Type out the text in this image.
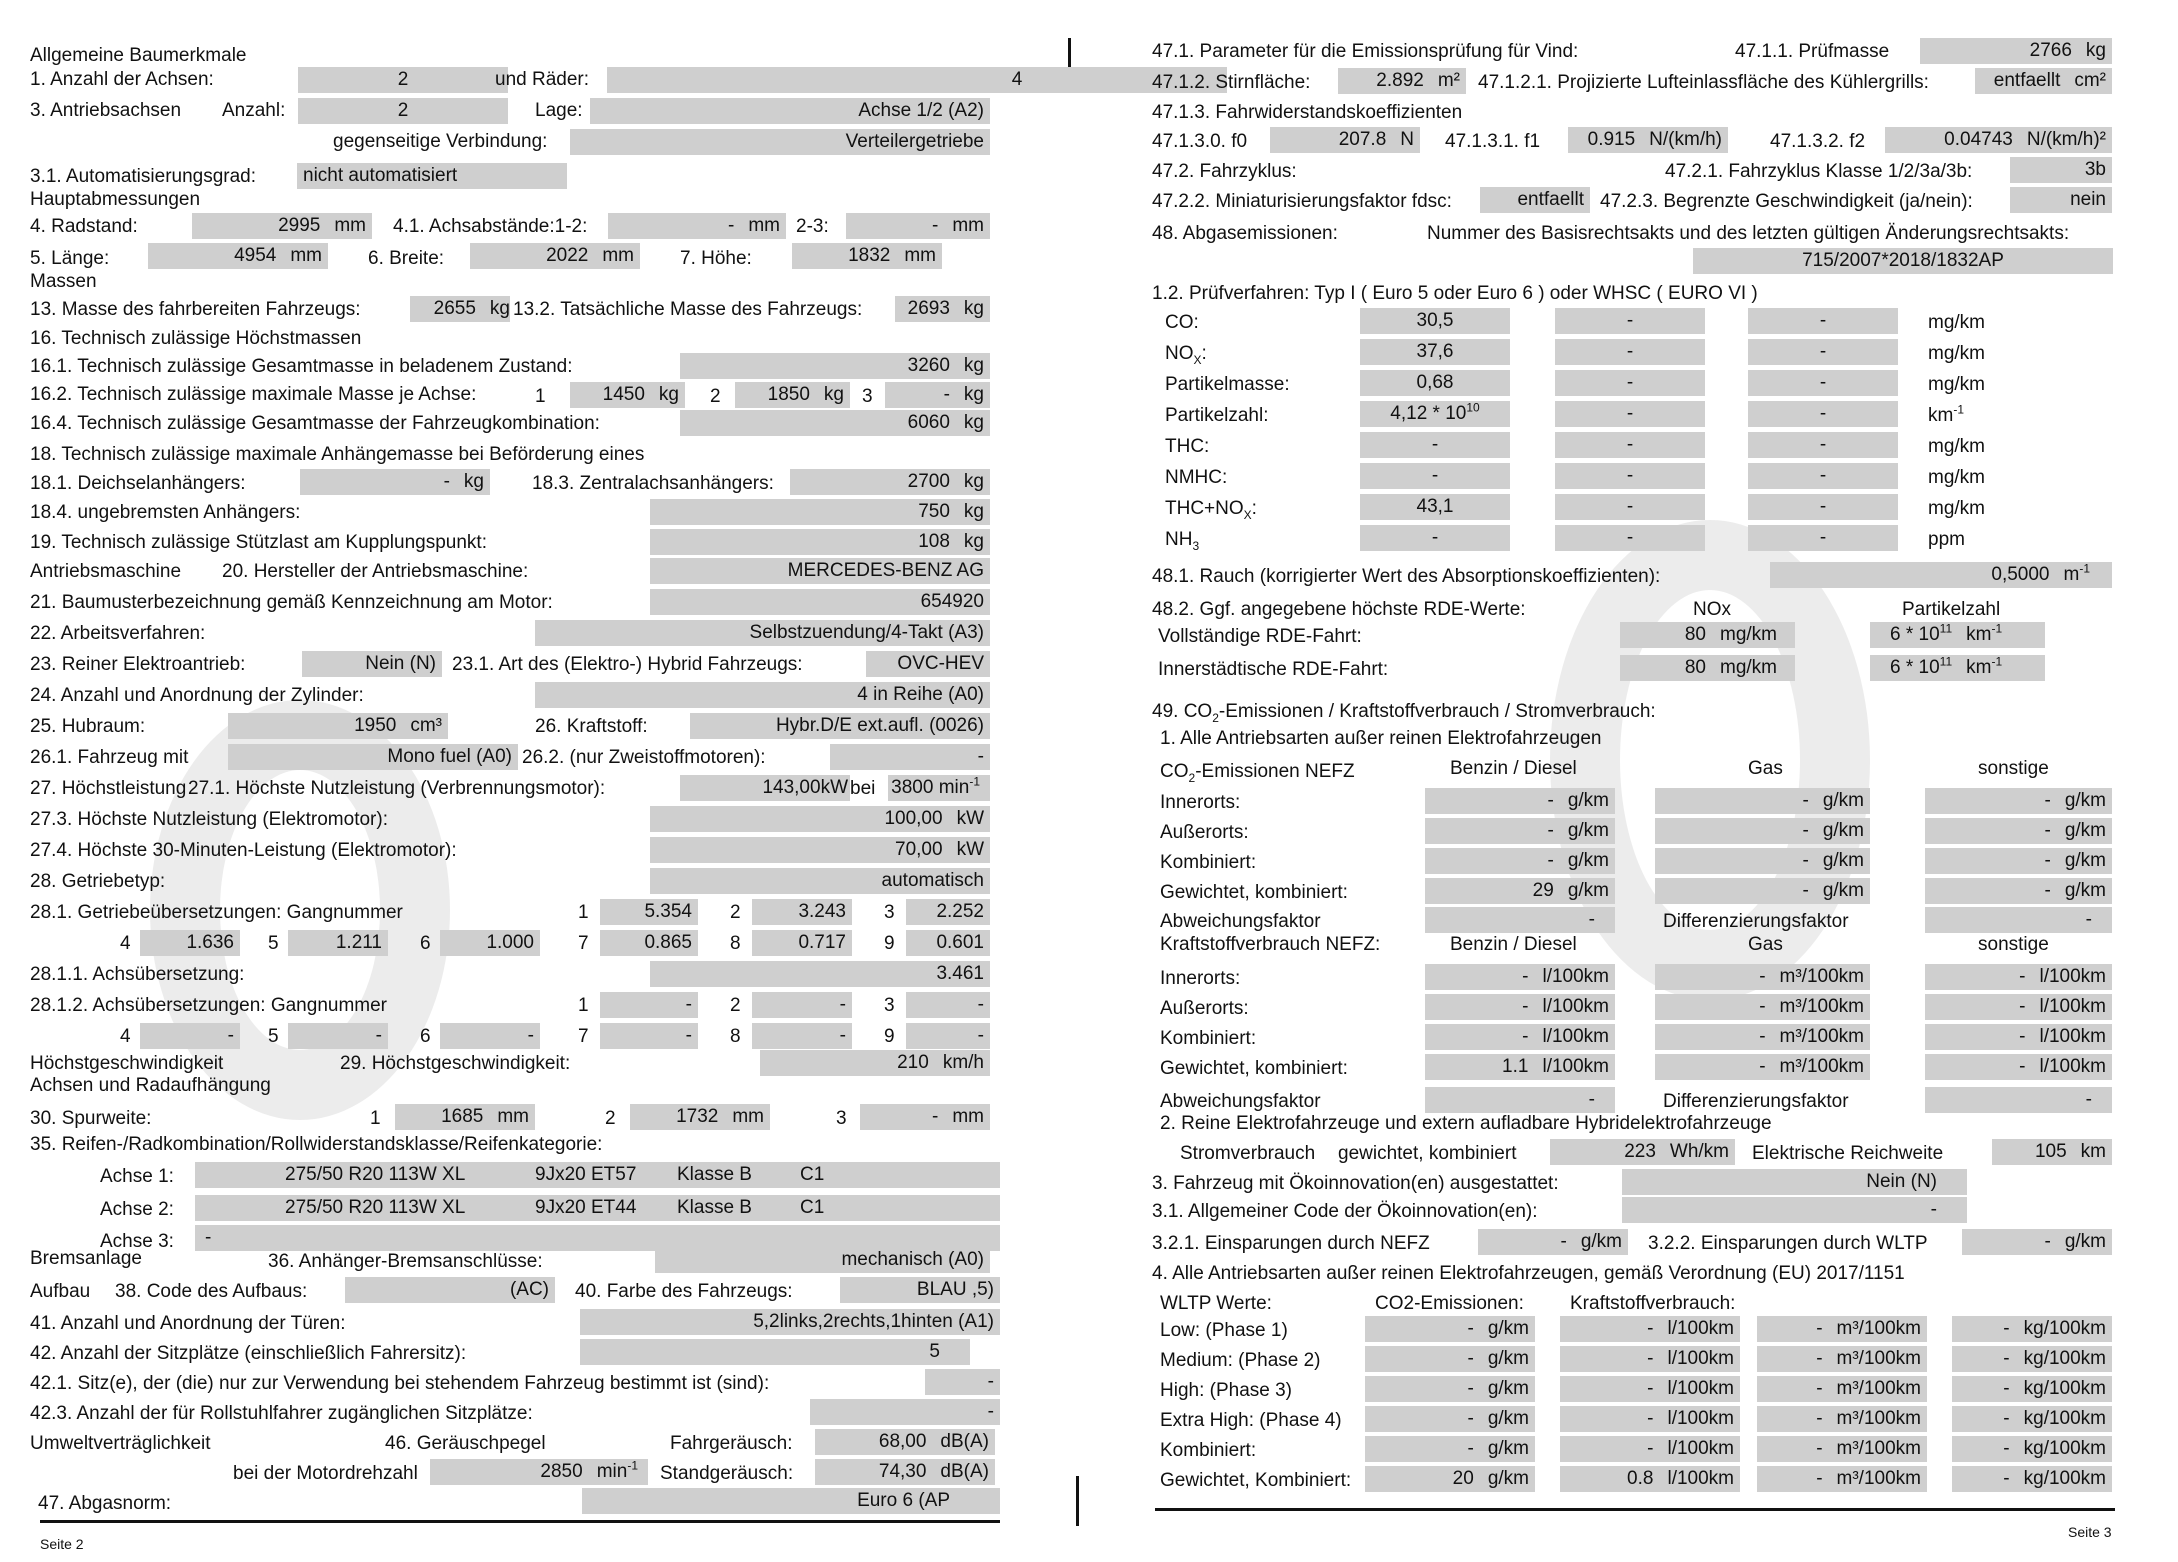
Allgemeine Baumerkmale
1. Anzahl der Achsen:	2	und Räder:	4
3. Antriebsachsen Anzahl:	2	Lage:	Achse 1/2 (A2)
gegenseitige Verbindung:	Verteilergetriebe
3.1. Automatisierungsgrad:	nicht automatisiert
Hauptabmessungen
4. Radstand:	2995 mm	4.1. Achsabstände:1-2:	- mm 2-3:	- mm
5. Länge:	4954 mm	6. Breite:	2022 mm	7. Höhe:	1832 mm
Massen
13. Masse des fahrbereiten Fahrzeugs:	2655 kg 13.2. Tatsächliche Masse des Fahrzeugs:	2693 kg
16. Technisch zulässige Höchstmassen
16.1. Technisch zulässige Gesamtmasse in beladenem Zustand:	3260 kg
16.2. Technisch zulässige maximale Masse je Achse:	1	1450 kg	2	1850 kg 3	- kg
16.4. Technisch zulässige Gesamtmasse der Fahrzeugkombination:	6060 kg
18. Technisch zulässige maximale Anhängemasse bei Beförderung eines
18.1. Deichselanhängers:	- kg	18.3. Zentralachsanhängers:	2700 kg
18.4. ungebremsten Anhängers:	750 kg
19. Technisch zulässige Stützlast am Kupplungspunkt:	108 kg
Antriebsmaschine 20. Hersteller der Antriebsmaschine:	MERCEDES-BENZ AG
21. Baumusterbezeichnung gemäß Kennzeichnung am Motor:	654920
22. Arbeitsverfahren:	Selbstzuendung/4-Takt (A3)
23. Reiner Elektroantrieb:	Nein (N) 23.1. Art des (Elektro-) Hybrid Fahrzeugs:	OVC-HEV
24. Anzahl und Anordnung der Zylinder:	4 in Reihe (A0)
25. Hubraum:	1950 cm³	26. Kraftstoff:	Hybr.D/E ext.aufl. (0026)
26.1. Fahrzeug mit	Mono fuel (A0) 26.2. (nur Zweistoffmotoren):	-
27. Höchstleistung 27.1. Höchste Nutzleistung (Verbrennungsmotor):	143,00kW bei 3800 $\min^{-1}$
27.3. Höchste Nutzleistung (Elektromotor):	100,00 kW
27.4. Höchste 30-Minuten-Leistung (Elektromotor):	70,00 kW
28. Getriebetyp:	automatisch
28.1. Getriebeübersetzungen: Gangnummer	1	5.354	2	3.243	3	2.252
4	1.636	5	1.211	6	1.000	7	0.865	8	0.717	9	0.601
28.1.1. Achsübersetzung:	3.461
28.1.2. Achsübersetzungen: Gangnummer	1	-	2	-	3	-
4	-	5	-	6	-	7	-	8	-	9	-
Höchstgeschwindigkeit	29. Höchstgeschwindigkeit:	210 km/h
Achsen und Radaufhängung
30. Spurweite:	1	1685 mm	2	1732 mm	3	- mm
35. Reifen-/Radkombination/Rollwiderstandsklasse/Reifenkategorie:
Achse 1:	275/50 R20 113W XL	9Jx20 ET57 Klasse B	C1
Achse 2:	275/50 R20 113W XL	9Jx20 ET44 Klasse B	C1
Achse 3: -
Bremsanlage	36. Anhänger-Bremsanschlüsse:	mechanisch (A0)
Aufbau 38. Code des Aufbaus:	(AC)	40. Farbe des Fahrzeugs:	BLAU ,5)
41. Anzahl und Anordnung der Türen:	5,2links,2rechts,1hinten (A1)
42. Anzahl der Sitzplätze (einschließlich Fahrersitz):	5
42.1. Sitz(e), der (die) nur zur Verwendung bei stehendem Fahrzeug bestimmt ist (sind):	-
42.3. Anzahl der für Rollstuhlfahrer zugänglichen Sitzplätze:	-
Umweltverträglichkeit	46. Geräuschpegel	Fahrgeräusch:	68,00 dB(A)
bei der Motordrehzahl	2850 $\min^{-1}$	Standgeräusch:	74,30 dB(A)
47. Abgasnorm:	Euro 6 (AP
Seite 2
47.1. Parameter für die Emissionsprüfung für Vind:	47.1.1. Prüfmasse	2766 kg
47.1.2. Stirnfläche:	2.892 m² 47.1.2.1. Projizierte Lufteinlassfläche des Kühlergrills:	entfaellt cm²
47.1.3. Fahrwiderstandskoeffizienten
47.1.3.0. f0	207.8 N	47.1.3.1. f1	0.915 N/(km/h)	47.1.3.2. f2	0.04743 N/(km/h)²
47.2. Fahrzyklus:	47.2.1. Fahrzyklus Klasse 1/2/3a/3b:	3b
47.2.2. Miniaturisierungsfaktor fdsc:	entfaellt 47.2.3. Begrenzte Geschwindigkeit (ja/nein):	nein
48. Abgasemissionen:	Nummer des Basisrechtsakts und des letzten gültigen Änderungsrechtsakts:
715/2007*2018/1832AP
1.2. Prüfverfahren: Typ I ( Euro 5 oder Euro 6 ) oder WHSC ( EURO VI )
CO:	30,5	-	-	mg/km
$NO_X$:	37,6	-	-	mg/km
Partikelmasse:	0,68	-	-	mg/km
Partikelzahl:	$4,12 * 10^{10}$	-	-	$km^{-1}$
THC:	-	-	-	mg/km
NMHC:	-	-	-	mg/km
$THC+NO_X$:	43,1	-	-	mg/km
$NH_3$	-	-	-	ppm
48.1. Rauch (korrigierter Wert des Absorptionskoeffizienten):	0,5000 $m^{-1}$
48.2. Ggf. angegebene höchste RDE-Werte:	NOx	Partikelzahl
Vollständige RDE-Fahrt:	80 mg/km	$6 * 10^{11}$ $km^{-1}$
Innerstädtische RDE-Fahrt:	80 mg/km	$6 * 10^{11}$ $km^{-1}$
49. $CO_2$-Emissionen / Kraftstoffverbrauch / Stromverbrauch:
1. Alle Antriebsarten außer reinen Elektrofahrzeugen
$CO_2$-Emissionen NEFZ	Benzin / Diesel	Gas	sonstige
Innerorts:	- g/km	- g/km	- g/km
Außerorts:	- g/km	- g/km	- g/km
Kombiniert:	- g/km	- g/km	- g/km
Gewichtet, kombiniert:	29 g/km	- g/km	- g/km
Abweichungsfaktor	-	Differenzierungsfaktor	-
Kraftstoffverbrauch NEFZ:	Benzin / Diesel	Gas	sonstige
Innerorts:	- l/100km	- m³/100km	- l/100km
Außerorts:	- l/100km	- m³/100km	- l/100km
Kombiniert:	- l/100km	- m³/100km	- l/100km
Gewichtet, kombiniert:	1.1 l/100km	- m³/100km	- l/100km
Abweichungsfaktor	-	Differenzierungsfaktor	-
2. Reine Elektrofahrzeuge und extern aufladbare Hybridelektrofahrzeuge
Stromverbrauch gewichtet, kombiniert	223 Wh/km	Elektrische Reichweite	105 km
3. Fahrzeug mit Ökoinnovation(en) ausgestattet:	Nein (N)
3.1. Allgemeiner Code der Ökoinnovation(en):	-
3.2.1. Einsparungen durch NEFZ	- g/km	3.2.2. Einsparungen durch WLTP	- g/km
4. Alle Antriebsarten außer reinen Elektrofahrzeugen, gemäß Verordnung (EU) 2017/1151
WLTP Werte:	CO2-Emissionen: Kraftstoffverbrauch:
Low: (Phase 1)	- g/km	- l/100km	- m³/100km	- kg/100km
Medium: (Phase 2)	- g/km	- l/100km	- m³/100km	- kg/100km
High: (Phase 3)	- g/km	- l/100km	- m³/100km	- kg/100km
Extra High: (Phase 4)	- g/km	- l/100km	- m³/100km	- kg/100km
Kombiniert:	- g/km	- l/100km	- m³/100km	- kg/100km
Gewichtet, Kombiniert:	20 g/km	0.8 l/100km	- m³/100km	- kg/100km
Seite 3
